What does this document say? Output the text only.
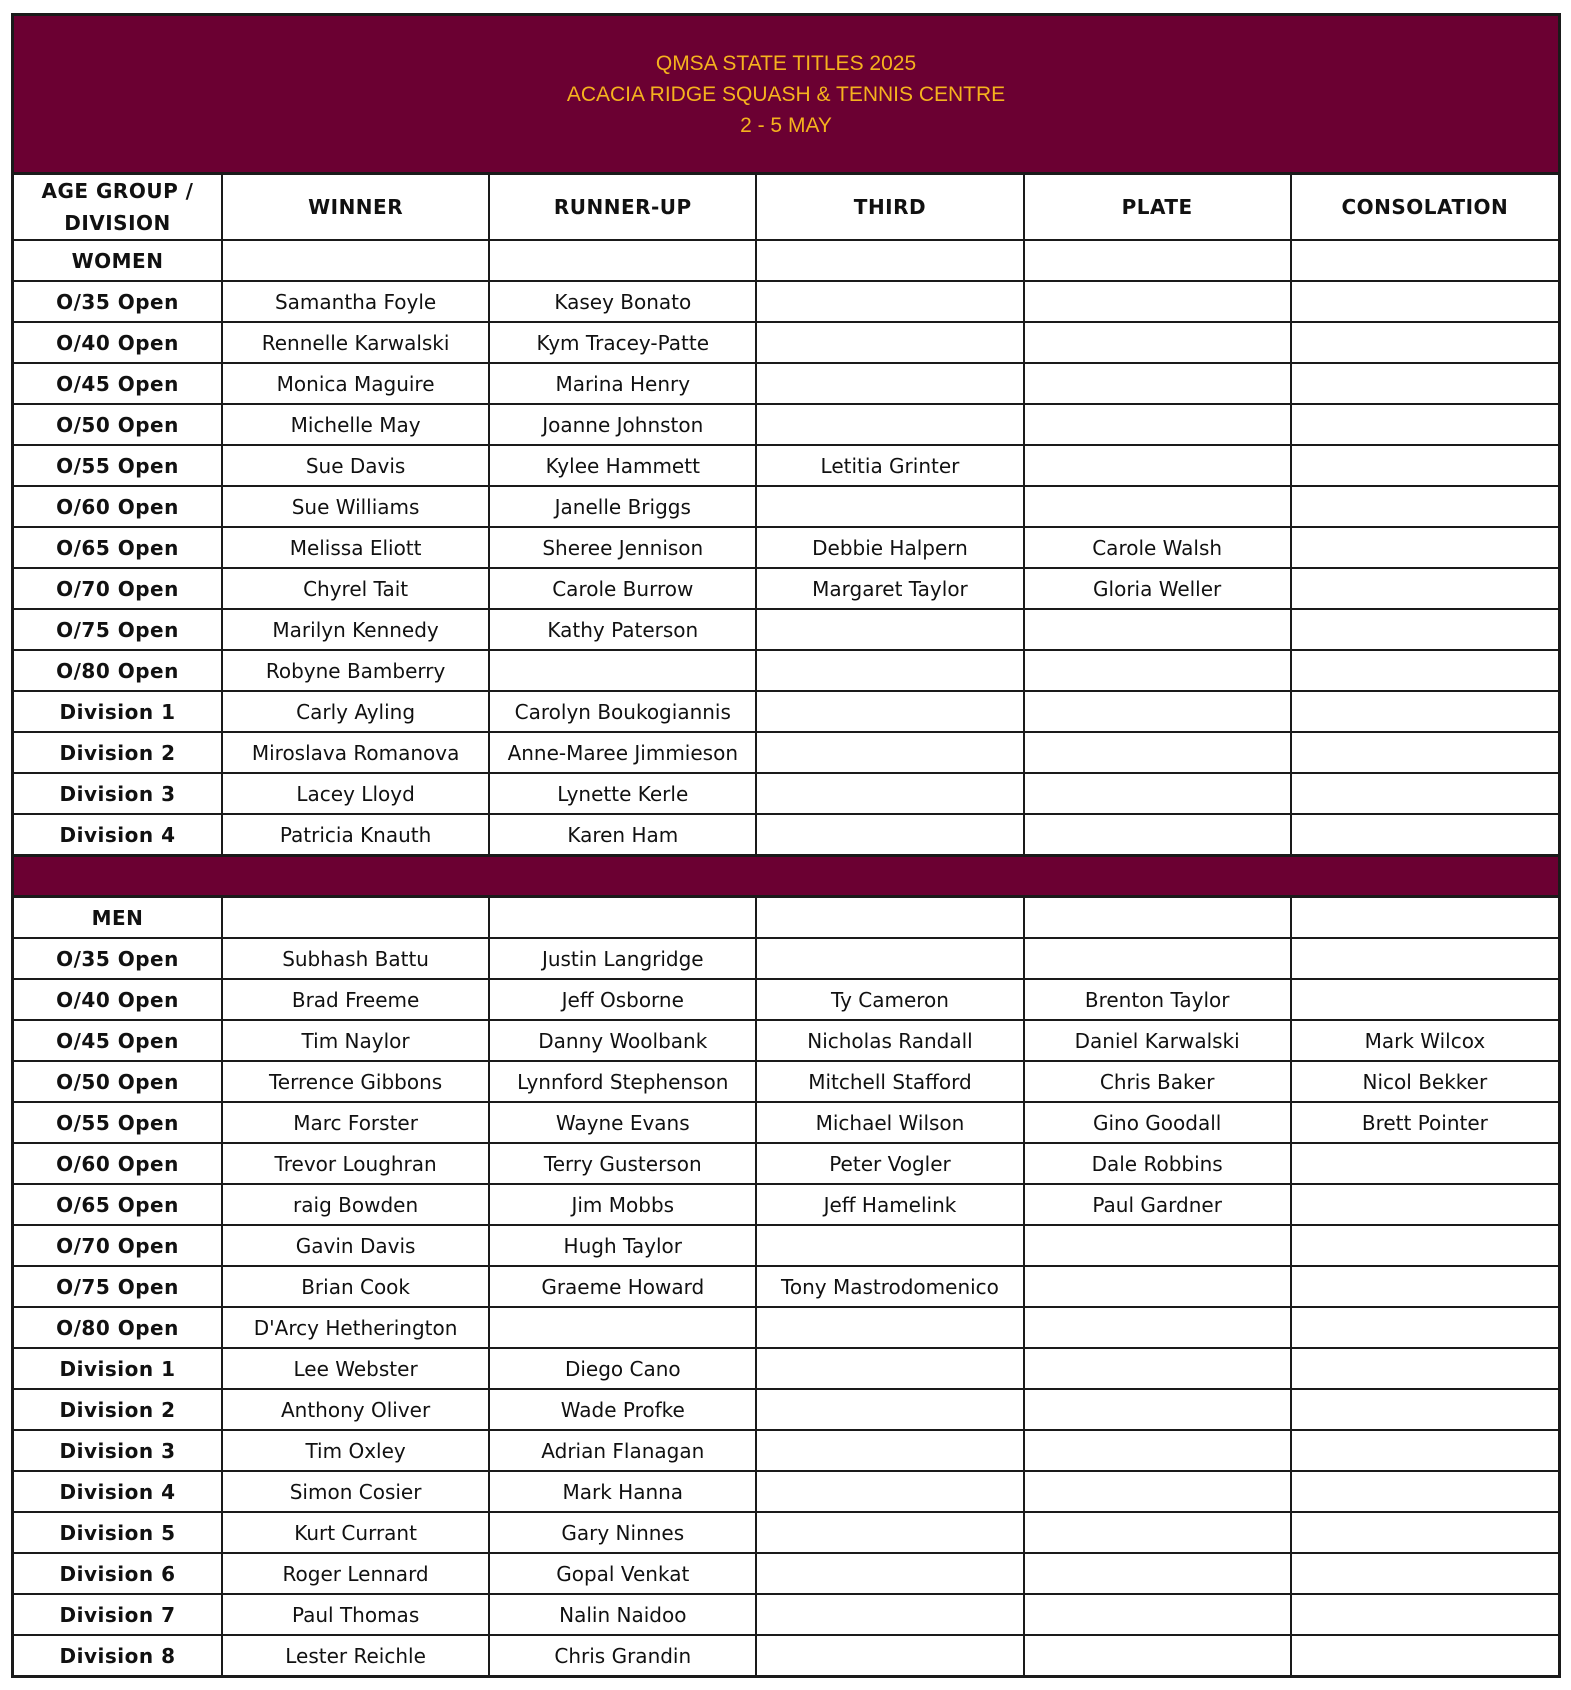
QMSA STATE TITLES 2025
ACACIA RIDGE SQUASH & TENNIS CENTRE
2 - 5 MAY
AGE GROUP / DIVISION	WINNER	RUNNER-UP	THIRD	PLATE	CONSOLATION
WOMEN					
O/35 Open	Samantha Foyle	Kasey Bonato			
O/40 Open	Rennelle Karwalski	Kym Tracey-Patte			
O/45 Open	Monica Maguire	Marina Henry			
O/50 Open	Michelle May	Joanne Johnston			
O/55 Open	Sue Davis	Kylee Hammett	Letitia Grinter		
O/60 Open	Sue Williams	Janelle Briggs			
O/65 Open	Melissa Eliott	Sheree Jennison	Debbie Halpern	Carole Walsh	
O/70 Open	Chyrel Tait	Carole Burrow	Margaret Taylor	Gloria Weller	
O/75 Open	Marilyn Kennedy	Kathy Paterson			
O/80 Open	Robyne Bamberry				
Division 1	Carly Ayling	Carolyn Boukogiannis			
Division 2	Miroslava Romanova	Anne-Maree Jimmieson			
Division 3	Lacey Lloyd	Lynette Kerle			
Division 4	Patricia Knauth	Karen Ham			
MEN					
O/35 Open	Subhash Battu	Justin Langridge			
O/40 Open	Brad Freeme	Jeff Osborne	Ty Cameron	Brenton Taylor	
O/45 Open	Tim Naylor	Danny Woolbank	Nicholas Randall	Daniel Karwalski	Mark Wilcox
O/50 Open	Terrence Gibbons	Lynnford Stephenson	Mitchell Stafford	Chris Baker	Nicol Bekker
O/55 Open	Marc Forster	Wayne Evans	Michael Wilson	Gino Goodall	Brett Pointer
O/60 Open	Trevor Loughran	Terry Gusterson	Peter Vogler	Dale Robbins	
O/65 Open	raig Bowden	Jim Mobbs	Jeff Hamelink	Paul Gardner	
O/70 Open	Gavin Davis	Hugh Taylor			
O/75 Open	Brian Cook	Graeme Howard	Tony Mastrodomenico		
O/80 Open	D'Arcy Hetherington				
Division 1	Lee Webster	Diego Cano			
Division 2	Anthony Oliver	Wade Profke			
Division 3	Tim Oxley	Adrian Flanagan			
Division 4	Simon Cosier	Mark Hanna			
Division 5	Kurt Currant	Gary Ninnes			
Division 6	Roger Lennard	Gopal Venkat			
Division 7	Paul Thomas	Nalin Naidoo			
Division 8	Lester Reichle	Chris Grandin			
